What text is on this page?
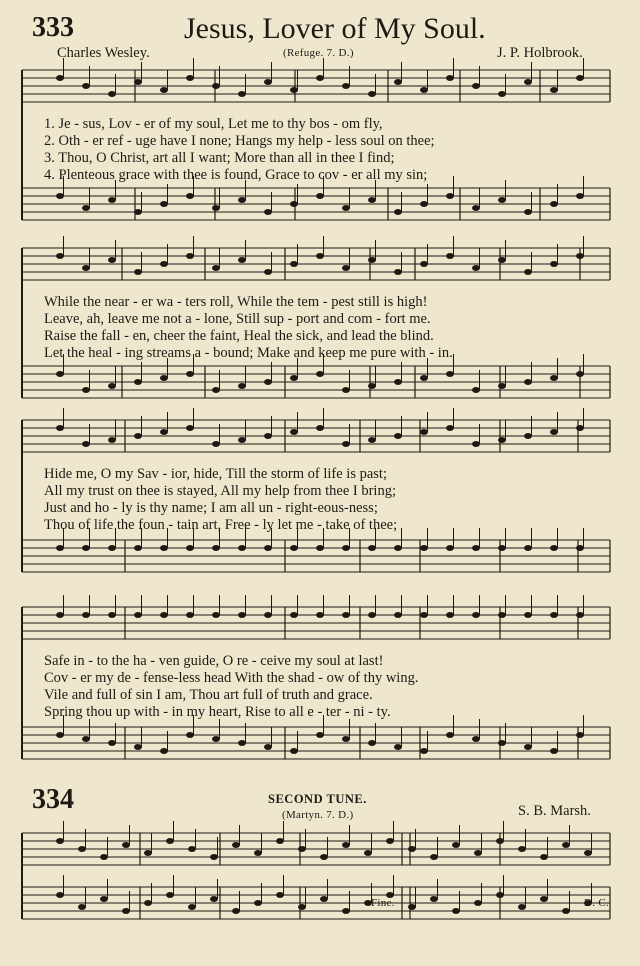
333	Jesus, Lover of My Soul.
Charles Wesley.	(Refuge. 7. D.)	J. P. Holbrook.
1. Je - sus, Lov - er of my soul, Let me to thy bos - om fly,
2. Oth - er ref - uge have I none; Hangs my help - less soul on thee;
3. Thou, O Christ, art all I want; More than all in thee I find;
4. Plenteous grace with thee is found, Grace to cov - er all my sin;
While the near - er wa - ters roll, While the tem - pest still is high!
Leave, ah, leave me not a - lone, Still sup - port and com - fort me.
Raise the fall - en, cheer the faint, Heal the sick, and lead the blind.
Let the heal - ing streams a - bound; Make and keep me pure with - in.
Hide me, O my Sav - ior, hide, Till the storm of life is past;
All my trust on thee is stayed, All my help from thee I bring;
Just and ho - ly is thy name; I am all un - right-eous-ness;
Thou of life the foun - tain art, Free - ly let me - take of thee;
Safe in - to the ha - ven guide, O re - ceive my soul at last!
Cov - er my de - fense-less head With the shad - ow of thy wing.
Vile and full of sin I am, Thou art full of truth and grace.
Spring thou up with - in my heart, Rise to all e - ter - ni - ty.
334	SECOND TUNE.
(Martyn. 7. D.)	S. B. Marsh.
Fine.	D. C.
